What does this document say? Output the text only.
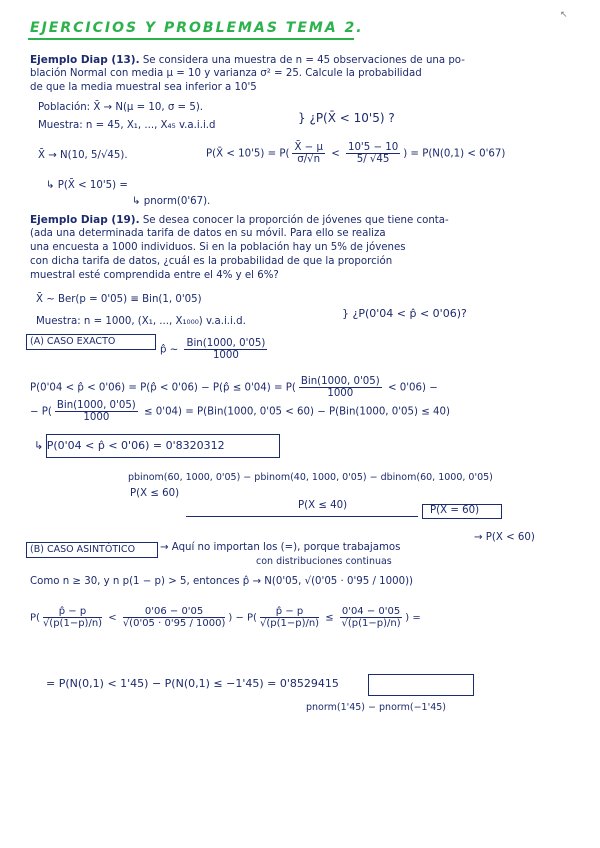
↖
EJERCICIOS Y PROBLEMAS TEMA 2.
Ejemplo Diap (13). Se considera una muestra de n = 45 observaciones de una po-
blación Normal con media μ = 10 y varianza σ² = 25. Calcule la probabilidad
de que la media muestral sea inferior a 10'5
Población: X̄ → N(μ = 10, σ = 5).
Muestra: n = 45, X₁, ..., X₄₅ v.a.i.i.d
} ¿P(X̄ < 10'5) ?
X̄ → N(10, 5/√45).	P(X̄ < $10'5) = P( \frac{X̄ - \mu}{\sigma/√n} < \frac{10'5 - 10}{5/ √45}$ ) = P(N(0,1) < 0'67)
↳ P(X̄ < 10'5) =
↳ pnorm(0'67).
Ejemplo Diap (19). Se desea conocer la proporción de jóvenes que tiene conta-
(ada una determinada tarifa de datos en su móvil. Para ello se realiza
una encuesta a 1000 individuos. Si en la población hay un 5% de jóvenes
con dicha tarifa de datos, ¿cuál es la probabilidad de que la proporción
muestral esté comprendida entre el 4% y el 6%?
X̄ ~ Ber(p = 0'05) ≡ Bin(1, 0'05)
Muestra: n = 1000, (X₁, ..., X₁₀₀₀) v.a.i.i.d.
} ¿P(0'04 < p̂ < 0'06)?
(A) CASO EXACTO
p̂ ~ $\frac{\text{Bin(1000, 0'05)}}{1000}$
P(0'04 < p̂ < 0'06) = P(p̂ < 0'06) − P(p̂ ≤ $0'04) = P( \frac{\text{Bin(1000, 0'05)}}{1000} < 0'06)$ −
− $P( \frac{\text{Bin(1000, 0'05)}}{1000} \le 0'04) = P(Bin(1000$, 0'05 < 60) − P(Bin(1000, 0'05) ≤ 40)
↳ P(0'04 < p̂ < 0'06) = 0'8320312
pbinom(60, 1000, 0'05) − pbinom(40, 1000, 0'05) − dbinom(60, 1000, 0'05)
P(X ≤ 60)
P(X ≤ 40)	P(X = 60)
→ P(X < 60)
(B) CASO ASINTÓTICO → Aquí no importan los (=), porque trabajamos
con distribuciones continuas
Como n ≥ 30, y n p(1 − p) > 5, entonces p̂ → N(0'05, √(0'05 · 0'95 / 1000))
$P( \frac{p̂ - p}{√(p(1-p)/n)} < \frac{0'06 - 0'05}{√(0'05 \cdot 0'95 / 1000)}$ ) − $P( \frac{p̂ - p}{√(p(1-p)/n)} \le \frac{0'04 - 0'05}{√(p(1-p)/n)}$ ) =
= P(N(0,1) < 1'45) − P(N(0,1) ≤ −1'45) = 0'8529415
pnorm(1'45) − pnorm(−1'45)
